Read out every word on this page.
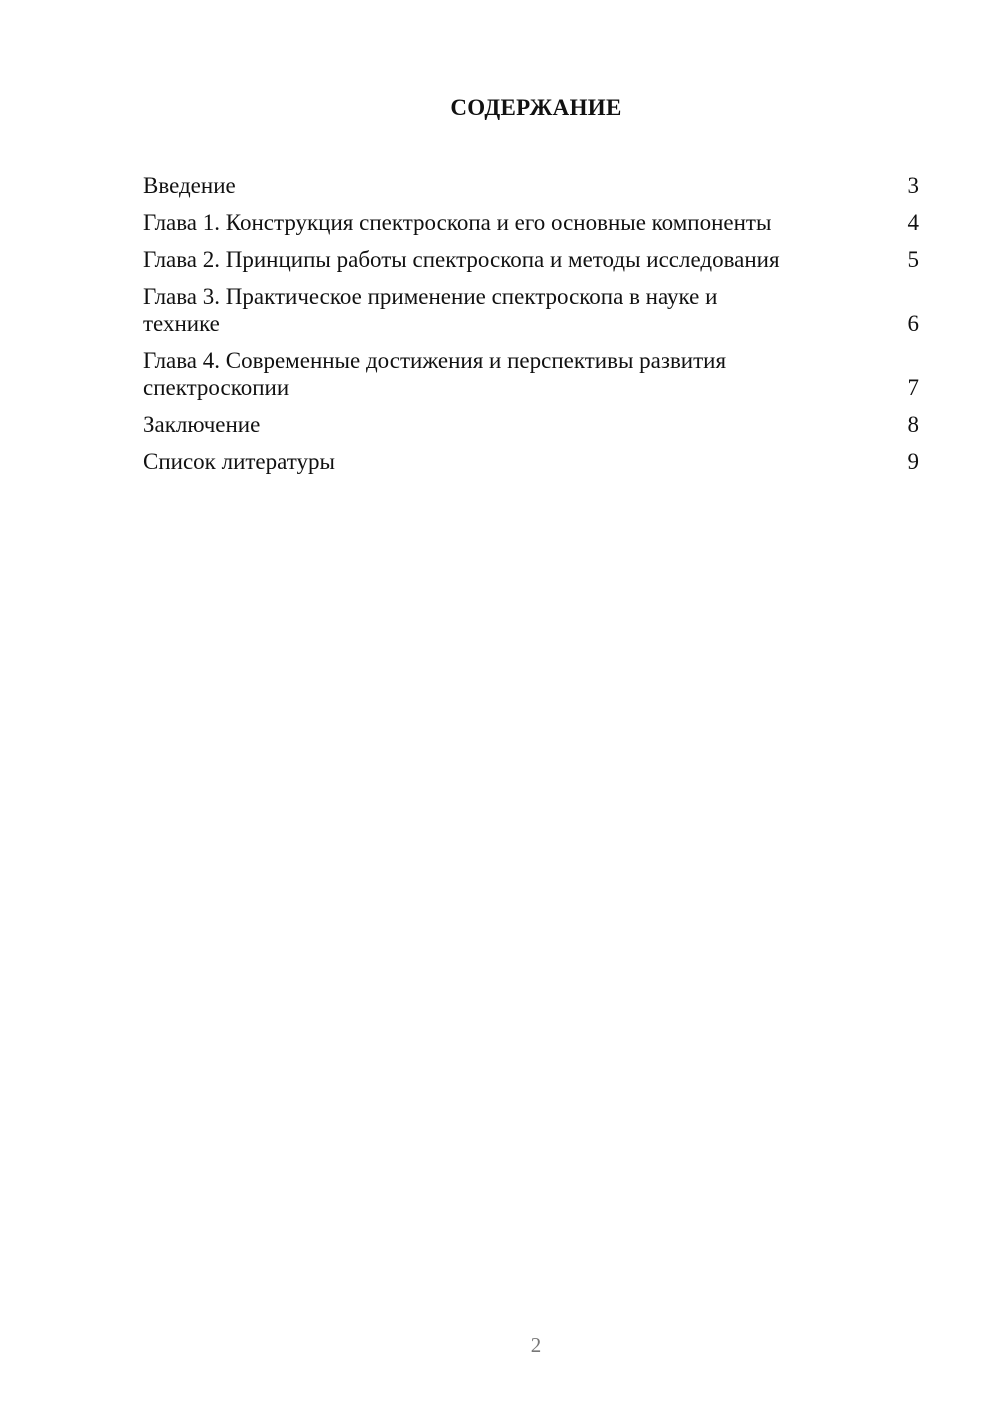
СОДЕРЖАНИЕ
Введение	3
Глава 1. Конструкция спектроскопа и его основные компоненты	4
Глава 2. Принципы работы спектроскопа и методы исследования	5
Глава 3. Практическое применение спектроскопа в науке и технике	6
Глава 4. Современные достижения и перспективы развития спектроскопии	7
Заключение	8
Список литературы	9
2
